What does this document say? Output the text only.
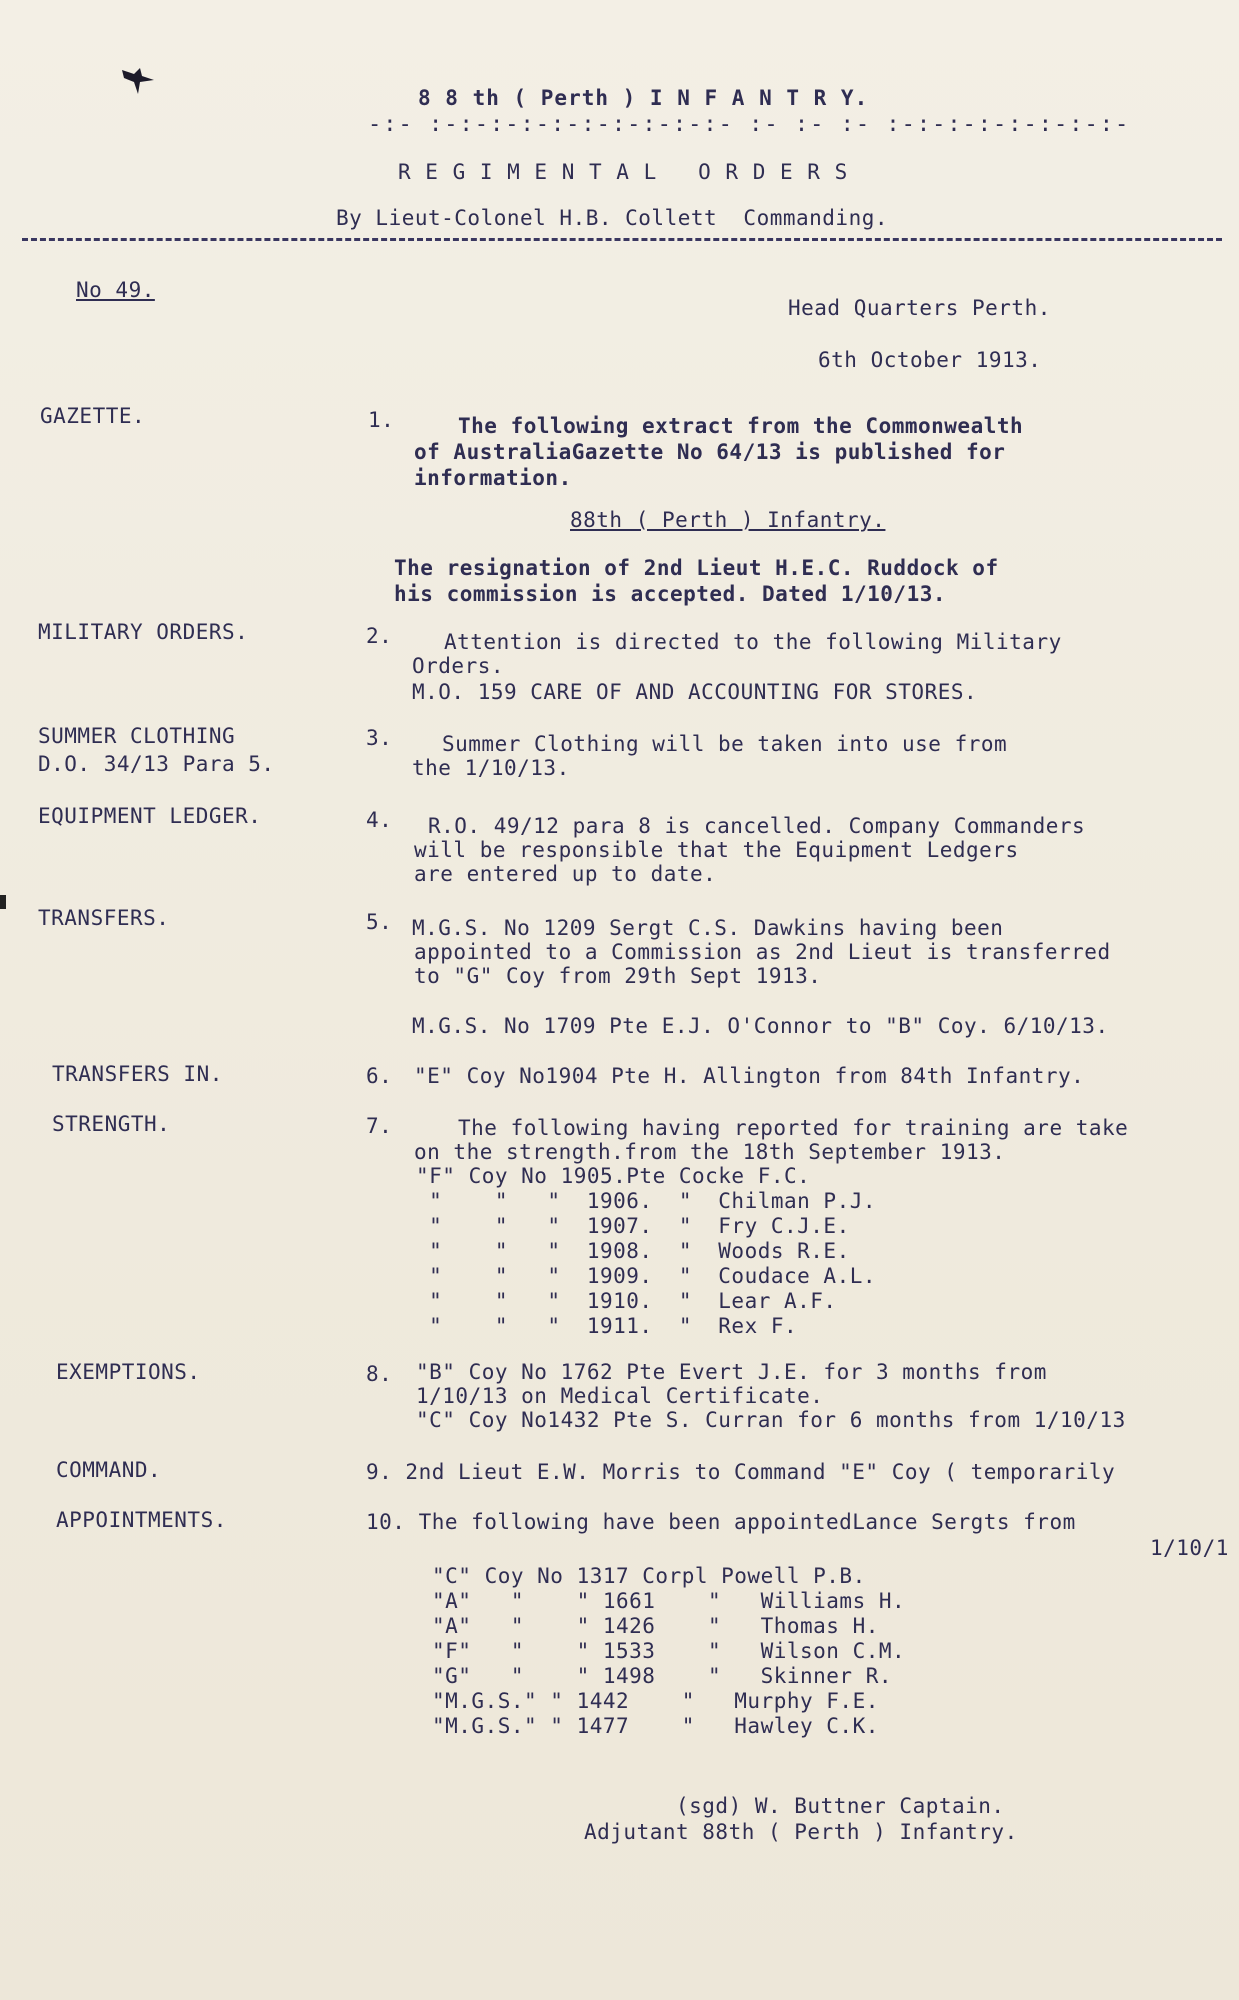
8 8 th ( Perth ) I N F A N T R Y.
-:- :-:-:-:-:-:-:-:-:-:- :- :- :- :-:-:-:-:-:-:-:-
R E G I M E N T A L   O R D E R S
By Lieut-Colonel H.B. Collett  Commanding.
No 49.
Head Quarters Perth.
6th October 1913.
GAZETTE.	1.	The following extract from the Commonwealth
of AustraliaGazette No 64/13 is published for
information.
88th ( Perth ) Infantry.
The resignation of 2nd Lieut H.E.C. Ruddock of
his commission is accepted. Dated 1/10/13.
MILITARY ORDERS.	2. Attention is directed to the following Military
Orders.
M.O. 159 CARE OF AND ACCOUNTING FOR STORES.
SUMMER CLOTHING
D.O. 34/13 Para 5.
3. Summer Clothing will be taken into use from
the 1/10/13.
EQUIPMENT LEDGER.	4. R.O. 49/12 para 8 is cancelled. Company Commanders
will be responsible that the Equipment Ledgers
are entered up to date.
TRANSFERS.	5. M.G.S. No 1209 Sergt C.S. Dawkins having been
appointed to a Commission as 2nd Lieut is transferred
to "G" Coy from 29th Sept 1913.
M.G.S. No 1709 Pte E.J. O'Connor to "B" Coy. 6/10/13.
TRANSFERS IN.	6. "E" Coy No1904 Pte H. Allington from 84th Infantry.
STRENGTH.	7.	The following having reported for training are take
on the strength.from the 18th September 1913.
"F" Coy No 1905.Pte Cocke F.C.
"    "   "  1906.  "  Chilman P.J.
"    "   "  1907.  "  Fry C.J.E.
"    "   "  1908.  "  Woods R.E.
"    "   "  1909.  "  Coudace A.L.
"    "   "  1910.  "  Lear A.F.
"    "   "  1911.  "  Rex F.
EXEMPTIONS.	8. "B" Coy No 1762 Pte Evert J.E. for 3 months from
1/10/13 on Medical Certificate.
"C" Coy No1432 Pte S. Curran for 6 months from 1/10/13
COMMAND.	9. 2nd Lieut E.W. Morris to Command "E" Coy ( temporarily
APPOINTMENTS.	10. The following have been appointedLance Sergts from
1/10/1
"C" Coy No 1317 Corpl Powell P.B.
"A"   "    " 1661    "   Williams H.
"A"   "    " 1426    "   Thomas H.
"F"   "    " 1533    "   Wilson C.M.
"G"   "    " 1498    "   Skinner R.
"M.G.S." " 1442    "   Murphy F.E.
"M.G.S." " 1477    "   Hawley C.K.
(sgd) W. Buttner Captain.
Adjutant 88th ( Perth ) Infantry.
